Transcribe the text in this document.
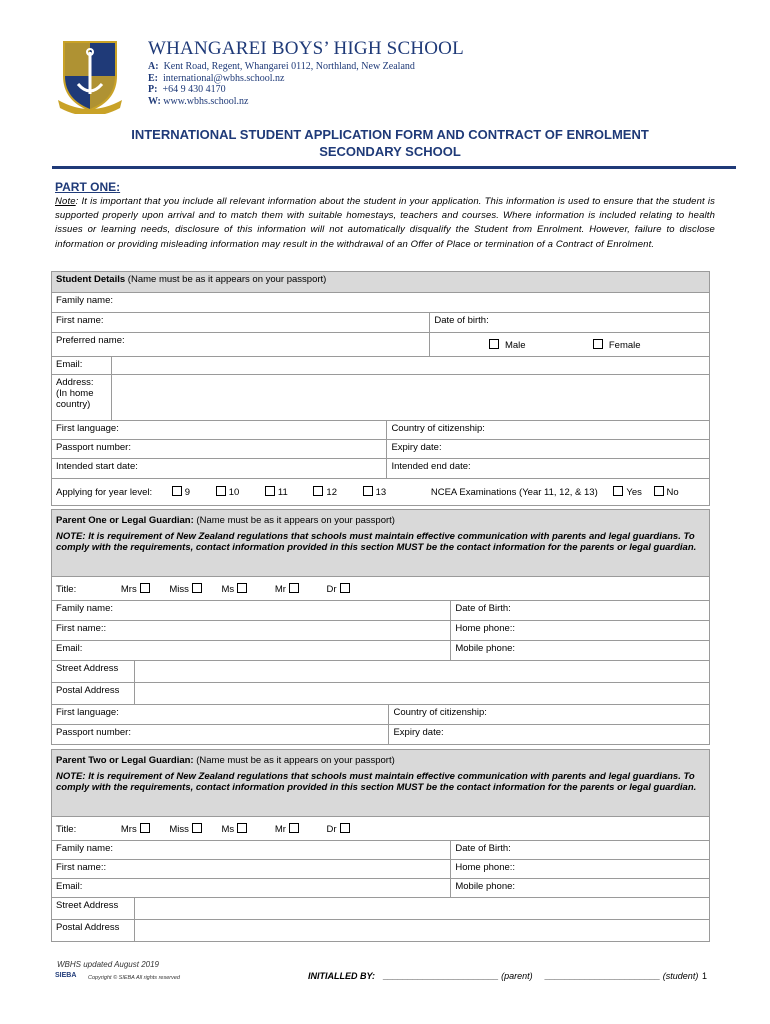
WHANGAREI BOYS’ HIGH SCHOOL
A: Kent Road, Regent, Whangarei 0112, Northland, New Zealand
E: international@wbhs.school.nz
P: +64 9 430 4170
W: www.wbhs.school.nz
INTERNATIONAL STUDENT APPLICATION FORM AND CONTRACT OF ENROLMENT
SECONDARY SCHOOL
PART ONE:
Note: It is important that you include all relevant information about the student in your application. This information is used to ensure that the student is supported properly upon arrival and to match them with suitable homestays, teachers and courses. Where information is included relating to health issues or learning needs, disclosure of this information will not automatically disqualify the Student from Enrolment. However, failure to disclose information or providing misleading information may result in the withdrawal of an Offer of Place or termination of a Contract of Enrolment.
Student Details (Name must be as it appears on your passport)			
Family name:			
First name:			Date of birth:
Preferred name:			Male Female
Email:			

Address:
(In home
country)			

First language:		Country of citizenship:	
Passport number:		Expiry date:	
Intended start date:		Intended end date:	
Applying for year level: 9 10 11 12 13 NCEA Examinations (Year 11, 12, & 13) Yes No			
Parent One or Legal Guardian: (Name must be as it appears on your passport)
NOTE: It is requirement of New Zealand regulations that schools must maintain effective communication with parents and legal guardians. To comply with the requirements, contact information provided in this section MUST be the contact information for the parents or legal guardian.			

Title: Mrs Miss Ms Mr Dr			
Family name:			Date of Birth:
First name::			Home phone::
Email:			Mobile phone:
Street Address			
Postal Address			
First language:		Country of citizenship:	
Passport number:		Expiry date:	
Parent Two or Legal Guardian: (Name must be as it appears on your passport)
NOTE: It is requirement of New Zealand regulations that schools must maintain effective communication with parents and legal guardians. To comply with the requirements, contact information provided in this section MUST be the contact information for the parents or legal guardian.		

Title: Mrs Miss Ms Mr Dr		
Family name:		Date of Birth:
First name::		Home phone::
Email:		Mobile phone:
Street Address		
Postal Address		
WBHS updated August 2019
SIEBA Copyright © SIEBA All rights reserved	INITIALLED BY: _______________________ (parent) _______________________ (student) 1
